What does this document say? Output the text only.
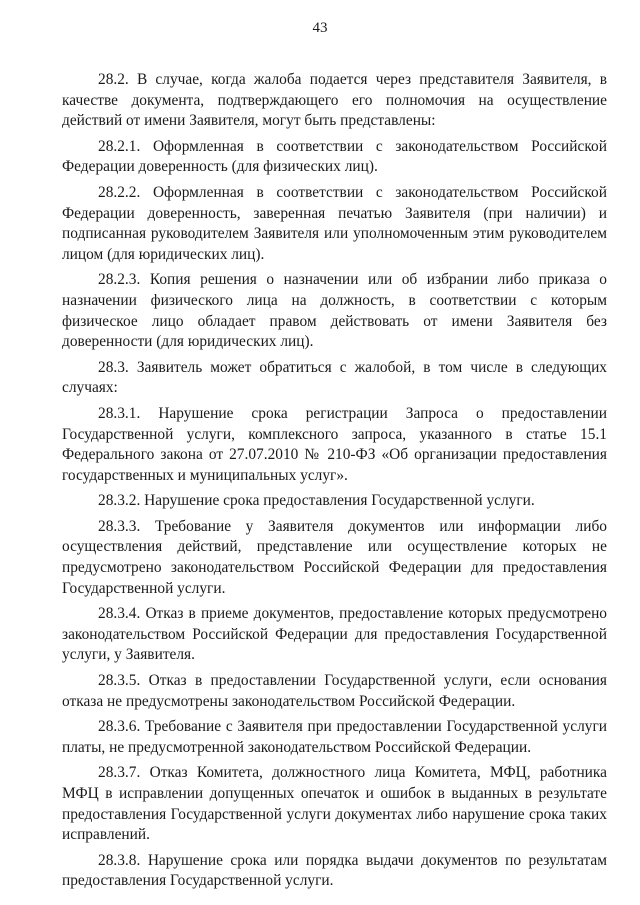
43

28.2. В случае, когда жалоба подается через представителя Заявителя, в качестве документа, подтверждающего его полномочия на осуществление действий от имени Заявителя, могут быть представлены:

28.2.1. Оформленная в соответствии с законодательством Российской Федерации доверенность (для физических лиц).

28.2.2. Оформленная в соответствии с законодательством Российской Федерации доверенность, заверенная печатью Заявителя (при наличии) и подписанная руководителем Заявителя или уполномоченным этим руководителем лицом (для юридических лиц).

28.2.3. Копия решения о назначении или об избрании либо приказа о назначении физического лица на должность, в соответствии с которым физическое лицо обладает правом действовать от имени Заявителя без доверенности (для юридических лиц).

28.3. Заявитель может обратиться с жалобой, в том числе в следующих случаях:

28.3.1. Нарушение срока регистрации Запроса о предоставлении Государственной услуги, комплексного запроса, указанного в статье 15.1 Федерального закона от 27.07.2010 № 210-ФЗ «Об организации предоставления государственных и муниципальных услуг».

28.3.2. Нарушение срока предоставления Государственной услуги.

28.3.3. Требование у Заявителя документов или информации либо осуществления действий, представление или осуществление которых не предусмотрено законодательством Российской Федерации для предоставления Государственной услуги.

28.3.4. Отказ в приеме документов, предоставление которых предусмотрено законодательством Российской Федерации для предоставления Государственной услуги, у Заявителя.

28.3.5. Отказ в предоставлении Государственной услуги, если основания отказа не предусмотрены законодательством Российской Федерации.

28.3.6. Требование с Заявителя при предоставлении Государственной услуги платы, не предусмотренной законодательством Российской Федерации.

28.3.7. Отказ Комитета, должностного лица Комитета, МФЦ, работника МФЦ в исправлении допущенных опечаток и ошибок в выданных в результате предоставления Государственной услуги документах либо нарушение срока таких исправлений.

28.3.8. Нарушение срока или порядка выдачи документов по результатам предоставления Государственной услуги.
